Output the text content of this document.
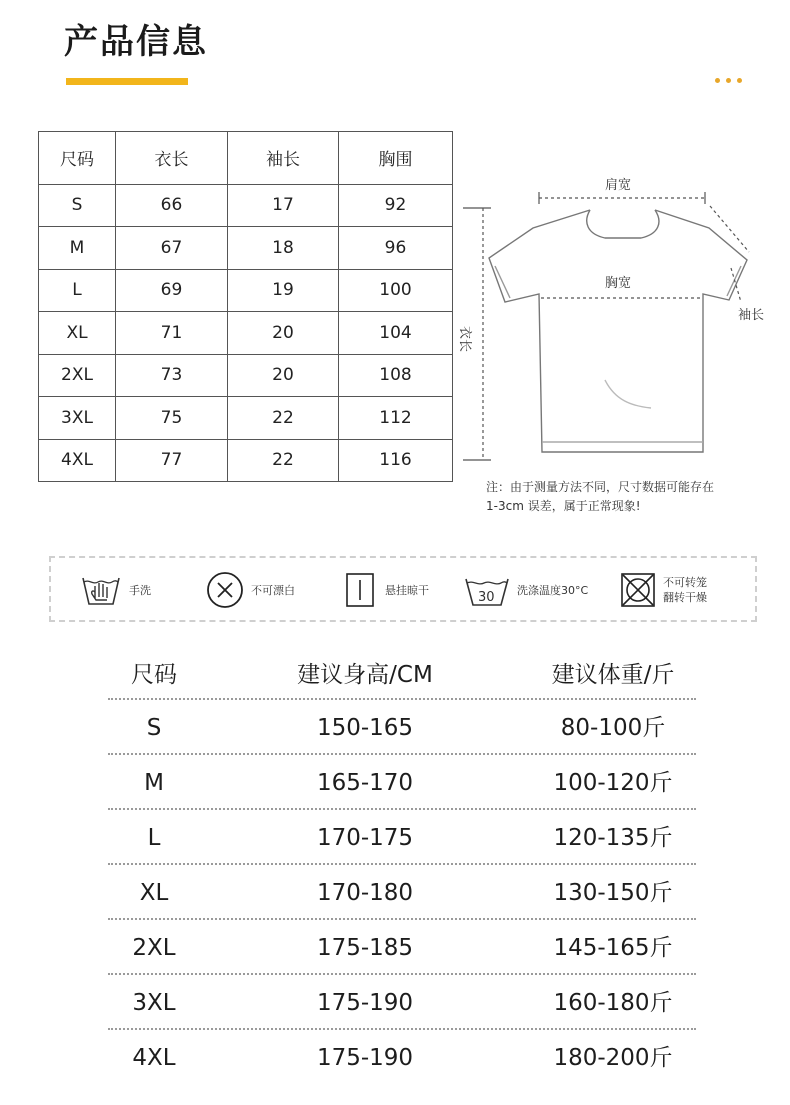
产品信息
尺码	衣长	袖长	胸围
S	66	17	92
M	67	18	96
L	69	19	100
XL	71	20	104
2XL	73	20	108
3XL	75	22	112
4XL	77	22	116
肩宽
胸宽
袖长
衣长
注：由于测量方法不同，尺寸数据可能存在
1-3cm 误差，属于正常现象!
手洗	不可漂白	悬挂晾干	30 洗涤温度30°C
不可转笼
翻转干燥
尺码	建议身高/CM	建议体重/斤
S	150-165	80-100斤
M	165-170	100-120斤
L	170-175	120-135斤
XL	170-180	130-150斤
2XL	175-185	145-165斤
3XL	175-190	160-180斤
4XL	175-190	180-200斤
